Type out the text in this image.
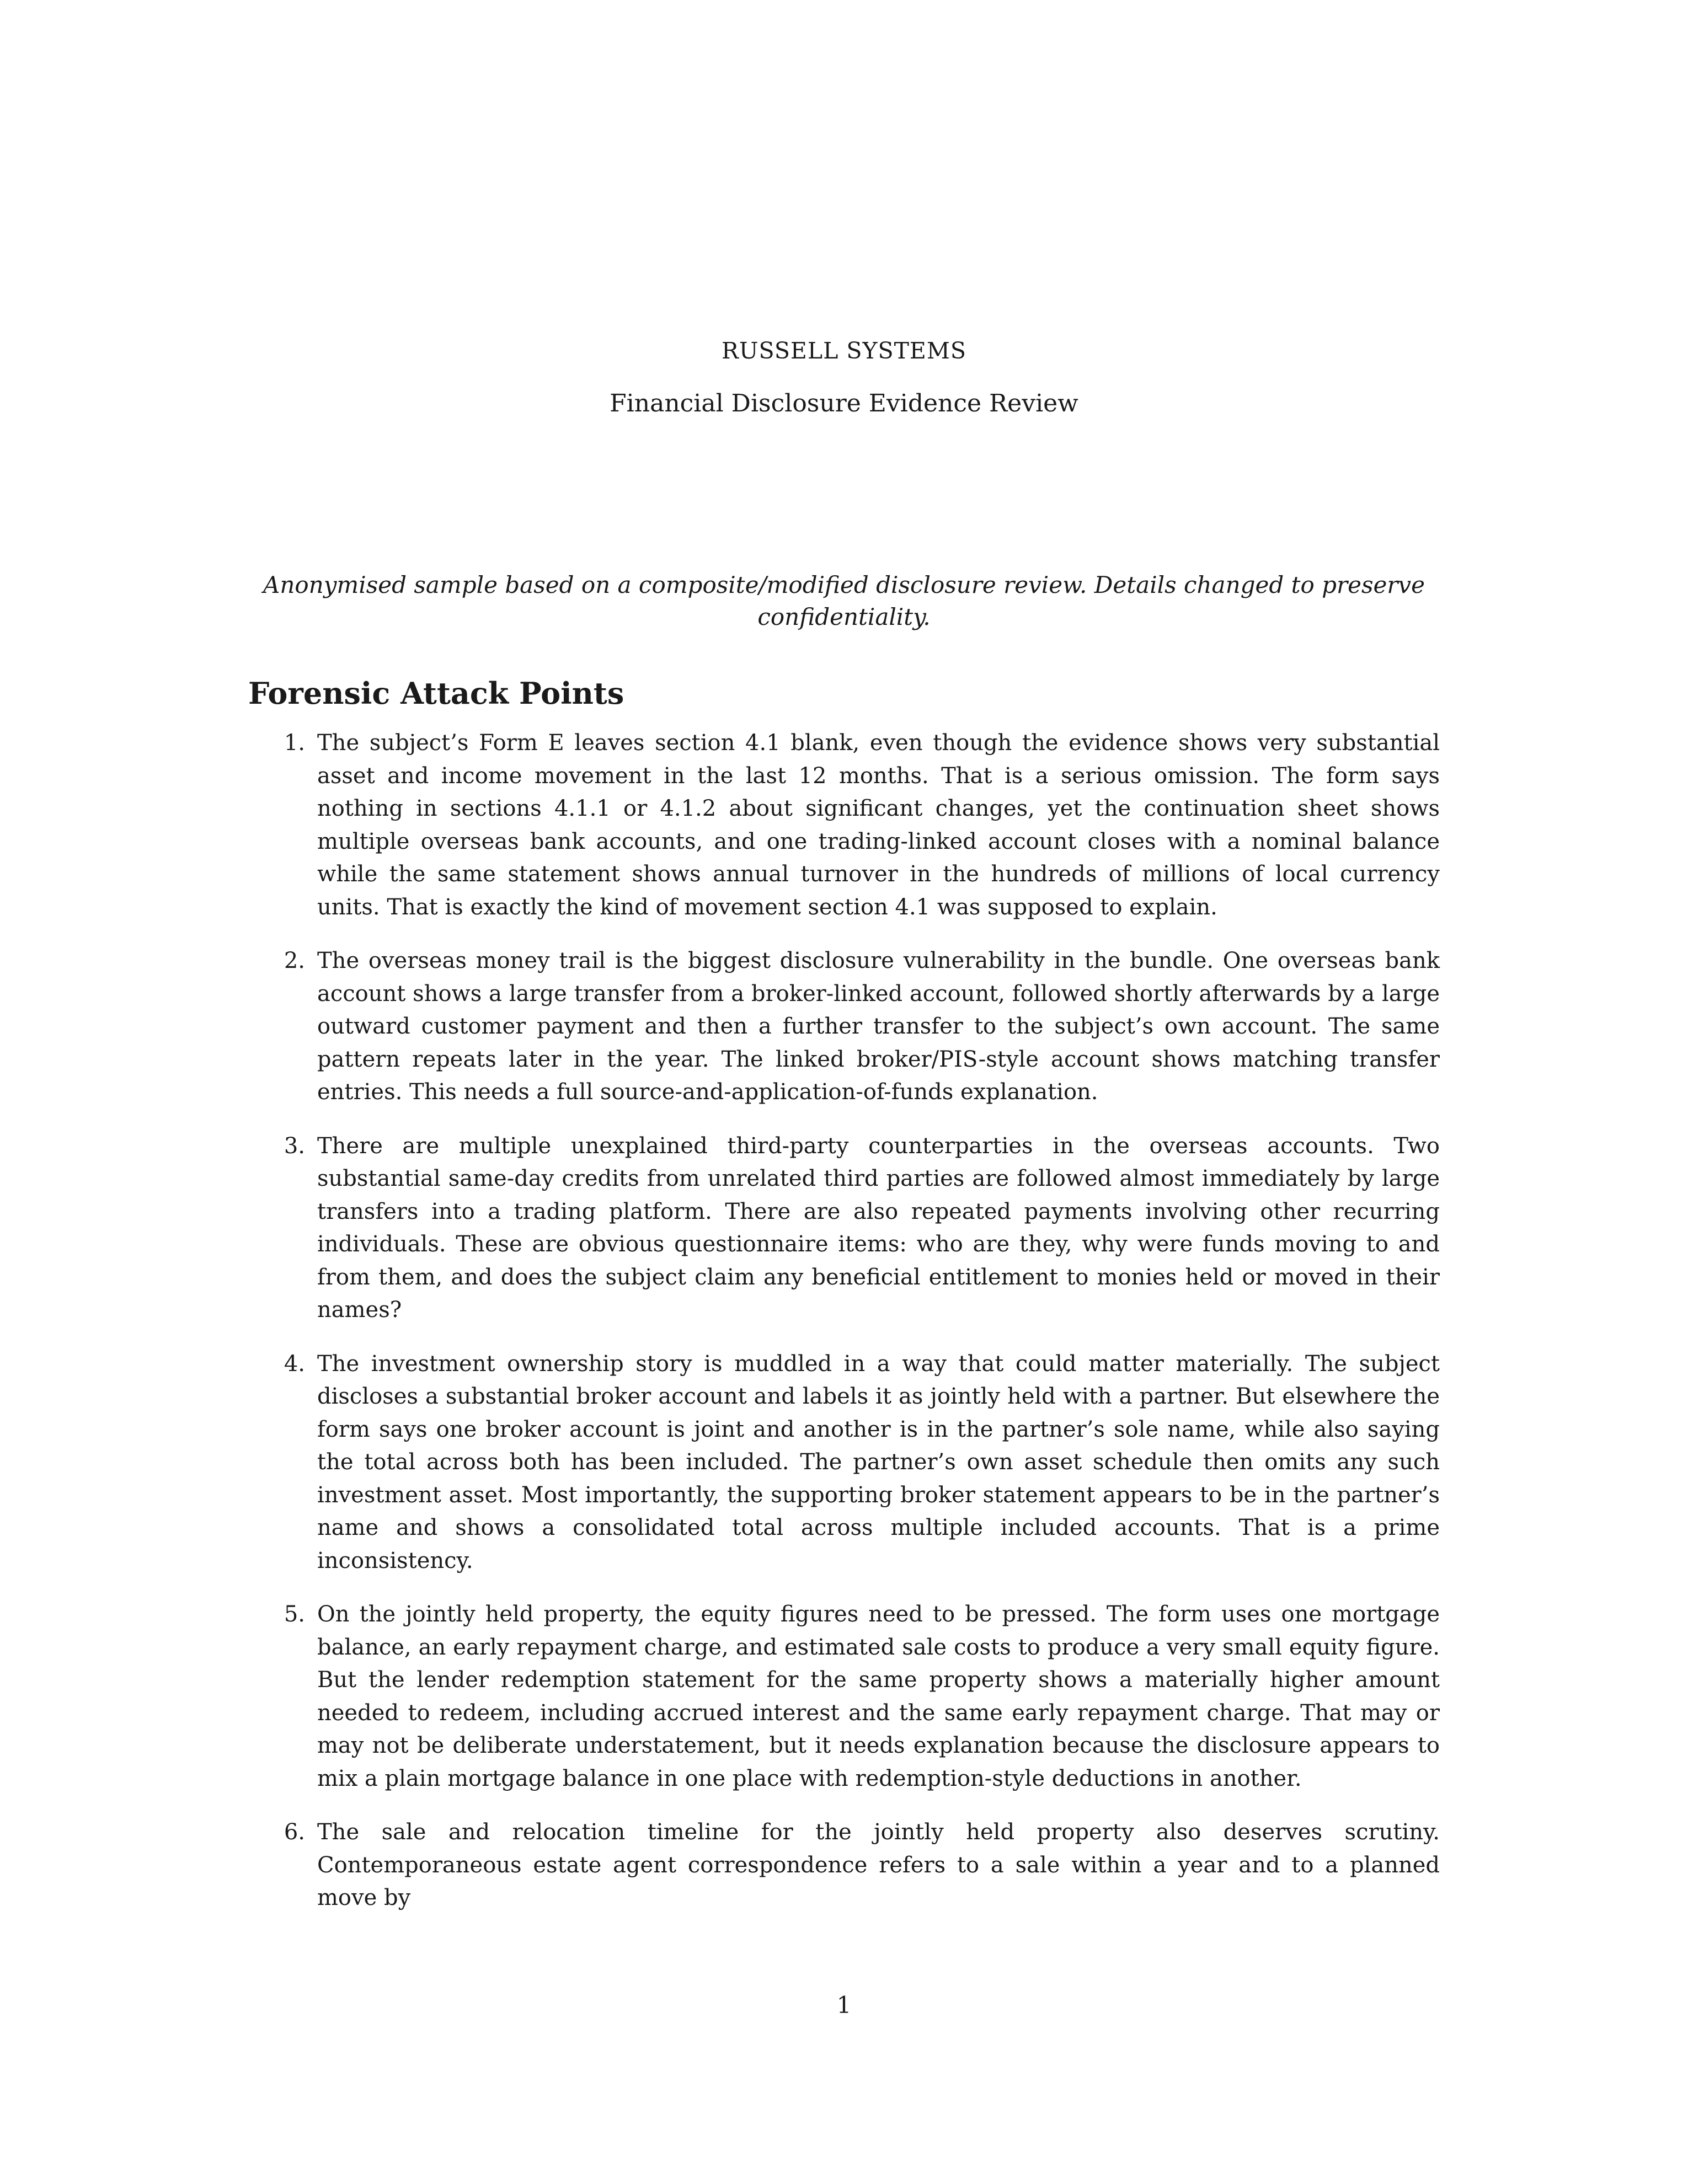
RUSSELL SYSTEMS

Financial Disclosure Evidence Review

Anonymised sample based on a composite/modified disclosure review. Details changed to preserve confidentiality.

Forensic Attack Points
1. The subject’s Form E leaves section 4.1 blank, even though the evidence shows very substantial asset and income movement in the last 12 months. That is a serious omission. The form says nothing in sections 4.1.1 or 4.1.2 about significant changes, yet the continuation sheet shows multiple overseas bank accounts, and one trading-linked account closes with a nominal balance while the same statement shows annual turnover in the hundreds of millions of local currency units. That is exactly the kind of movement section 4.1 was supposed to explain.
2. The overseas money trail is the biggest disclosure vulnerability in the bundle. One overseas bank account shows a large transfer from a broker-linked account, followed shortly afterwards by a large outward customer payment and then a further transfer to the subject’s own account. The same pattern repeats later in the year. The linked broker/PIS-style account shows matching transfer entries. This needs a full source-and-application-of-funds explanation.
3. There are multiple unexplained third-party counterparties in the overseas accounts. Two substantial same-day credits from unrelated third parties are followed almost immediately by large transfers into a trading platform. There are also repeated payments involving other recurring individuals. These are obvious questionnaire items: who are they, why were funds moving to and from them, and does the subject claim any beneficial entitlement to monies held or moved in their names?
4. The investment ownership story is muddled in a way that could matter materially. The subject discloses a substantial broker account and labels it as jointly held with a partner. But elsewhere the form says one broker account is joint and another is in the partner’s sole name, while also saying the total across both has been included. The partner’s own asset schedule then omits any such investment asset. Most importantly, the supporting broker statement appears to be in the partner’s name and shows a consolidated total across multiple included accounts. That is a prime inconsistency.
5. On the jointly held property, the equity figures need to be pressed. The form uses one mortgage balance, an early repayment charge, and estimated sale costs to produce a very small equity figure. But the lender redemption statement for the same property shows a materially higher amount needed to redeem, including accrued interest and the same early repayment charge. That may or may not be deliberate understatement, but it needs explanation because the disclosure appears to mix a plain mortgage balance in one place with redemption-style deductions in another.
6. The sale and relocation timeline for the jointly held property also deserves scrutiny. Contemporaneous estate agent correspondence refers to a sale within a year and to a planned move by

1
